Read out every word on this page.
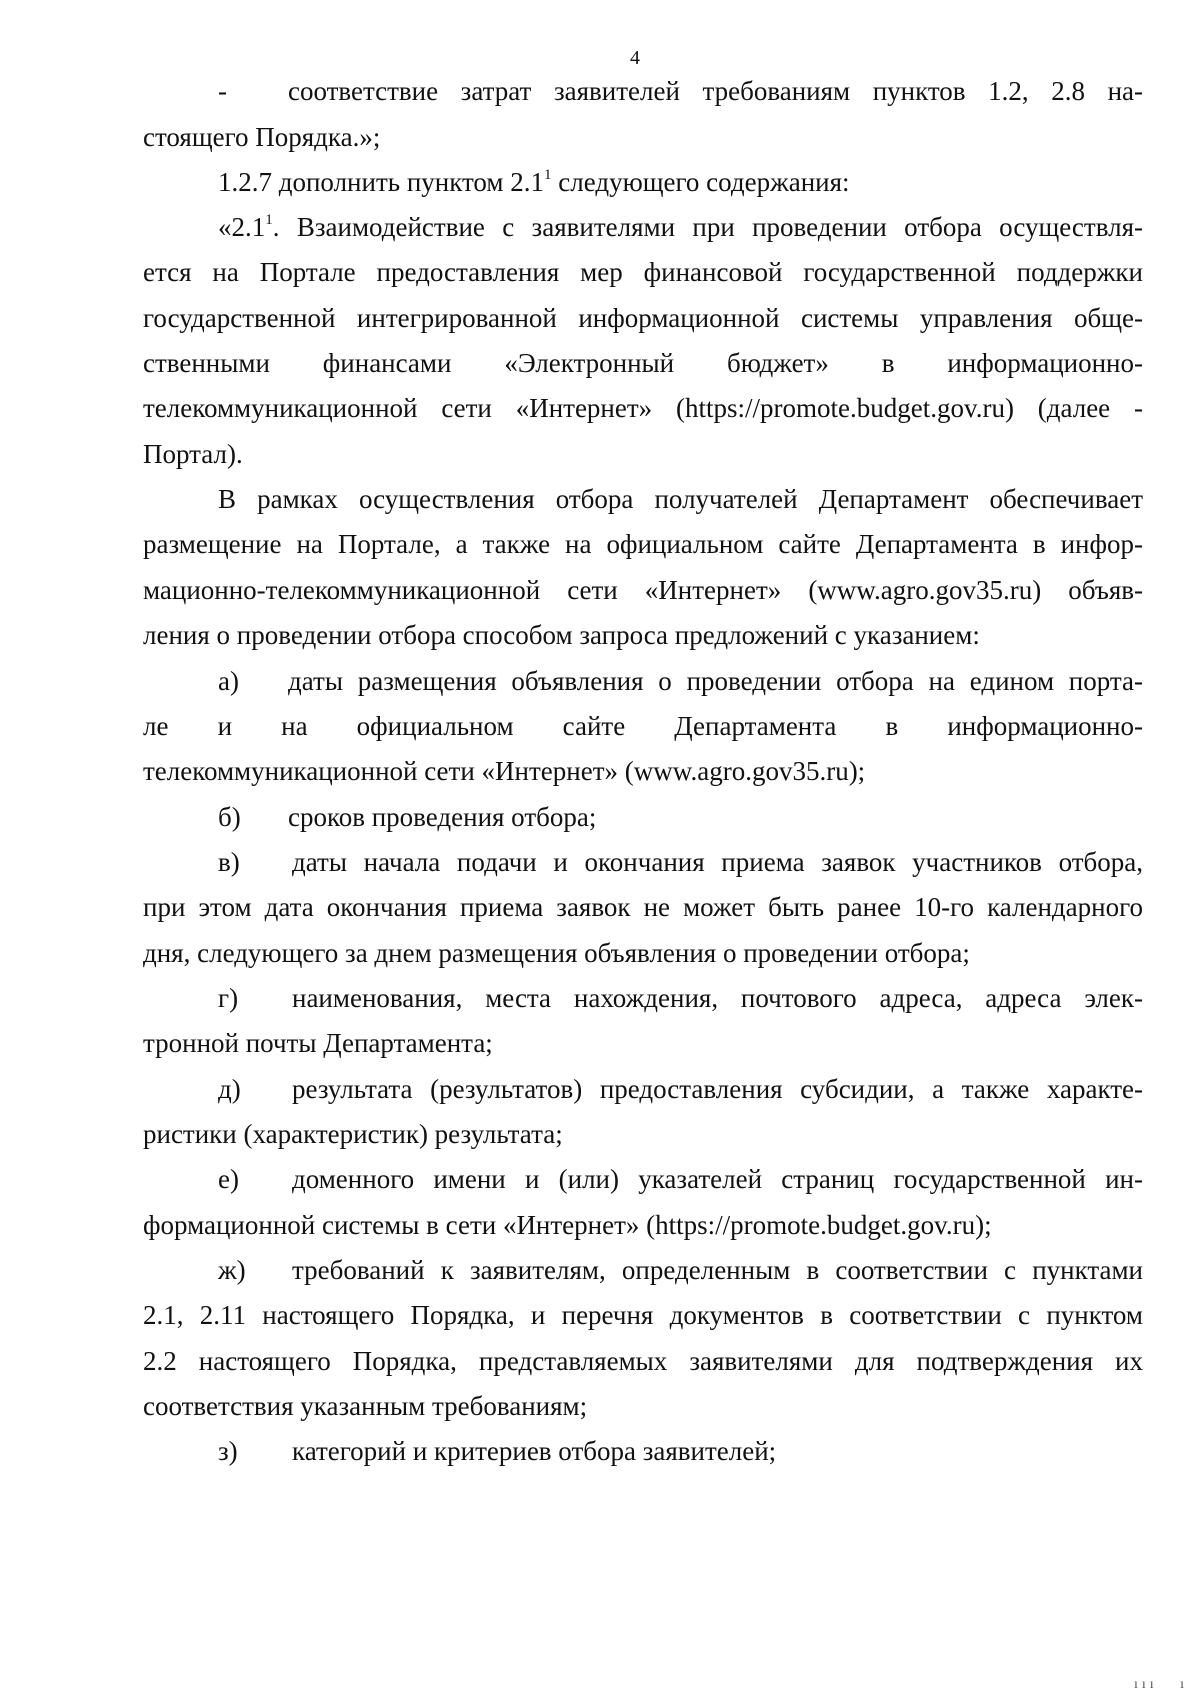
4
- соответствие затрат заявителей требованиям пунктов 1.2, 2.8 на-
стоящего Порядка.»;
1.2.7 дополнить пунктом $2.1^1$ следующего содержания:
«$2.1^1$. Взаимодействие с заявителями при проведении отбора осуществля-
ется на Портале предоставления мер финансовой государственной поддержки
государственной интегрированной информационной системы управления обще-
ственными финансами «Электронный бюджет» в информационно-
телекоммуникационной сети «Интернет» (https://promote.budget.gov.ru) (далее -
Портал).
В рамках осуществления отбора получателей Департамент обеспечивает
размещение на Портале, а также на официальном сайте Департамента в инфор-
мационно-телекоммуникационной сети «Интернет» (www.agro.gov35.ru) объяв-
ления о проведении отбора способом запроса предложений с указанием:
а) даты размещения объявления о проведении отбора на едином порта-
ле и на официальном сайте Департамента в информационно-
телекоммуникационной сети «Интернет» (www.agro.gov35.ru);
б) сроков проведения отбора;
в) даты начала подачи и окончания приема заявок участников отбора,
при этом дата окончания приема заявок не может быть ранее 10-го календарного
дня, следующего за днем размещения объявления о проведении отбора;
г) наименования, места нахождения, почтового адреса, адреса элек-
тронной почты Департамента;
д) результата (результатов) предоставления субсидии, а также характе-
ристики (характеристик) результата;
е) доменного имени и (или) указателей страниц государственной ин-
формационной системы в сети «Интернет» (https://promote.budget.gov.ru);
ж) требований к заявителям, определенным в соответствии с пунктами
2.1, 2.11 настоящего Порядка, и перечня документов в соответствии с пунктом
2.2 настоящего Порядка, представляемых заявителями для подтверждения их
соответствия указанным требованиям;
з) категорий и критериев отбора заявителей;
ııı   ı
